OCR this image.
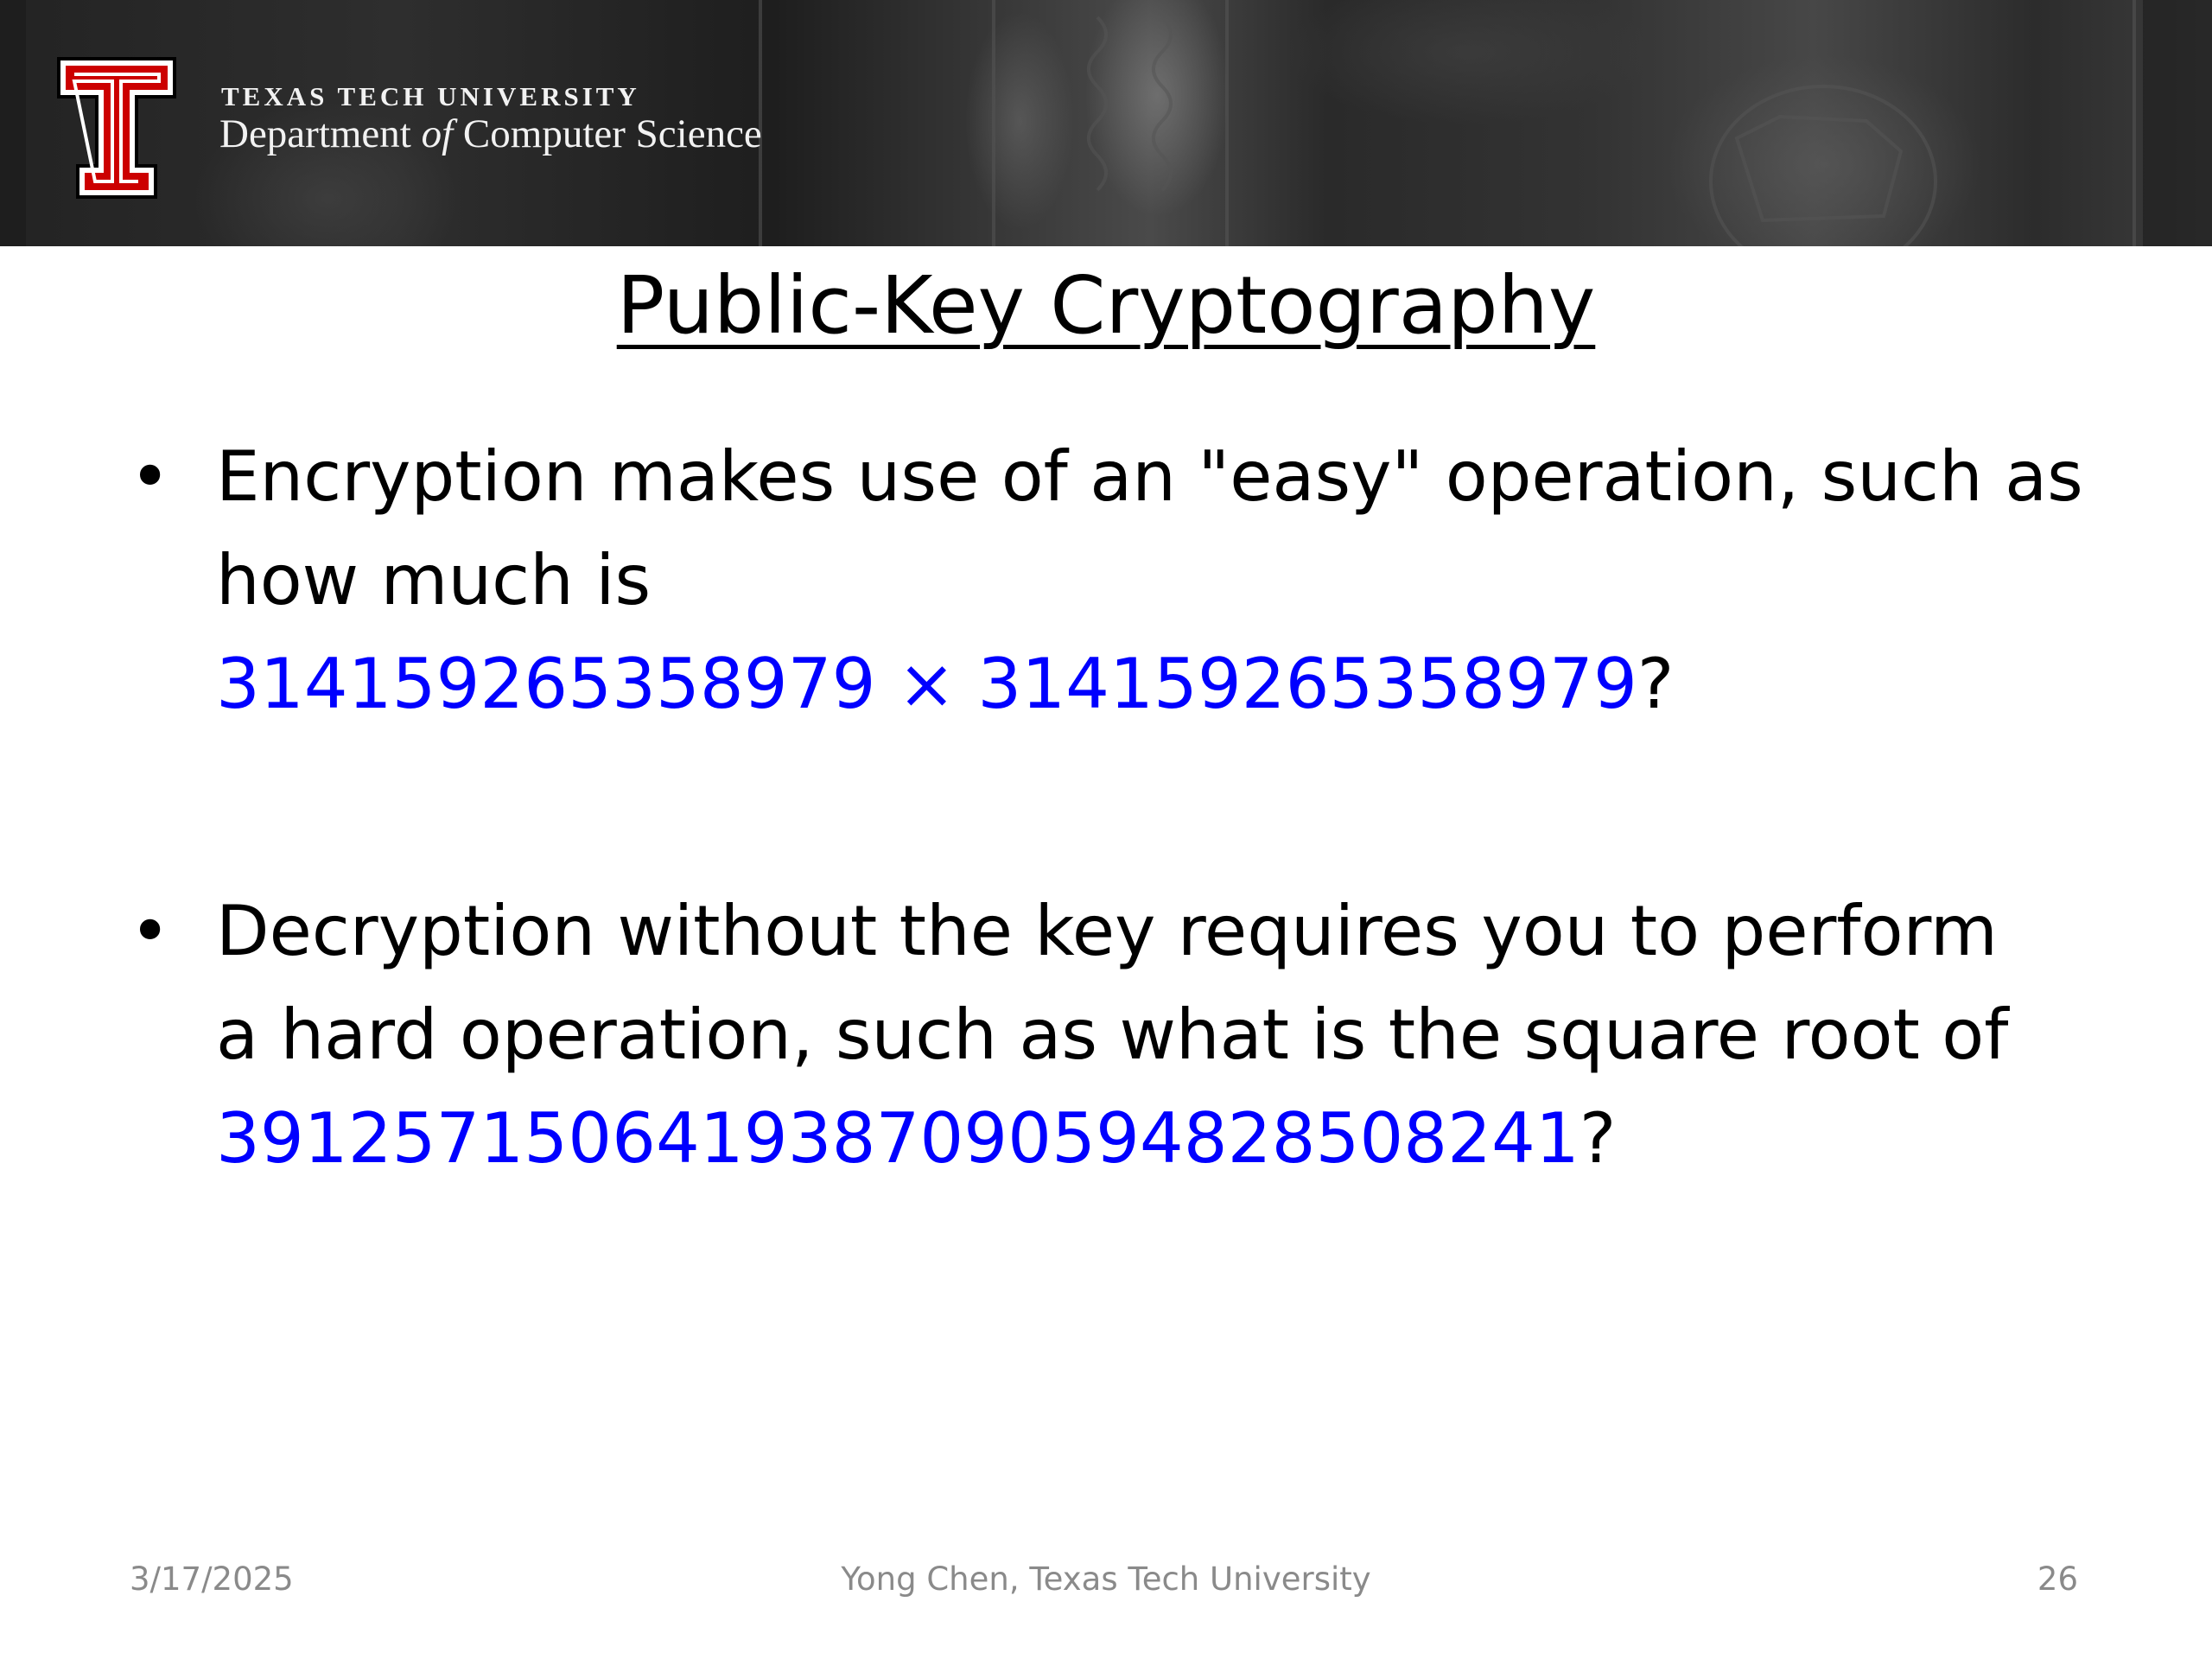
TEXAS TECH UNIVERSITY
Department of Computer Science
Public-Key Cryptography
• Encryption makes use of an "easy" operation, such as
how much is
314159265358979 × 314159265358979?
• Decryption without the key requires you to perform
a hard operation, such as what is the square root of
3912571506419387090594828508241?
3/17/2025	Yong Chen, Texas Tech University	26
